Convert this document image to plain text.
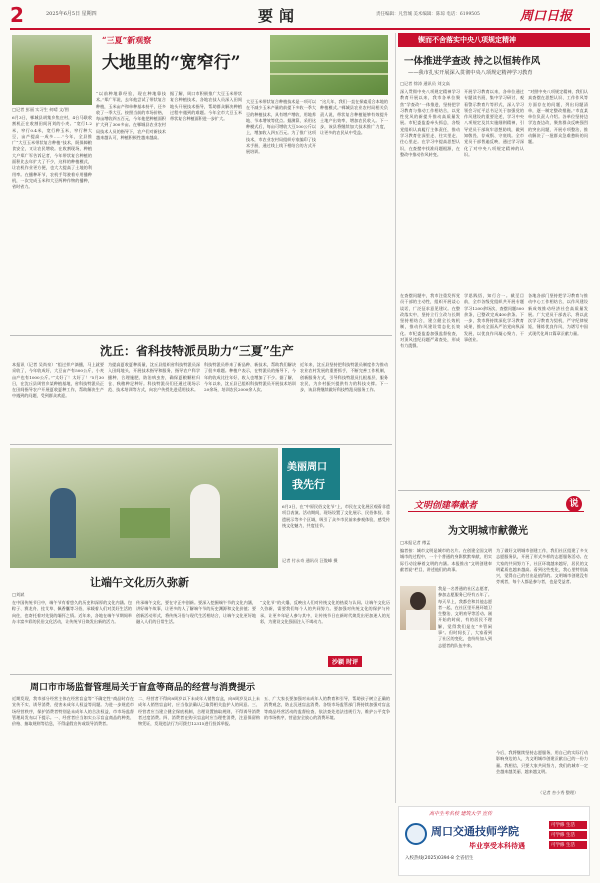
2	2025年6月5日 星期四	要闻	责任编辑：凡营城 美术编辑：陈琼 电话：6199505	周口日报
“三夏”新观察
大地里的“宽窄行”
□记者 彭丽 实习生 何晴 文/图
6月3日，郸城县胡集乡焦庄村，4台马联收割机正在收割田间河刘的小麦。“宽行1.2米，窄行0.4米，宽行种玉米，窄行种大豆，亩产提高一成多……”今年，全县推广“大豆玉米带状复合种植”技术，既保障粮食安全，又让农民增收。在收割现场，种植大户郑广军告诉记者，今年带状复合种植的面积比去年扩大了不少，这样的种植模式，让农机作业更方便，也大大提高了土地的利用率。在播种环节，农机手驾驶着专用播种机，一次完成玉米和大豆两种作物的播种，省时省力。
“以前种地靠经验，现在种地靠技术。”郑广军说，去年他尝试了带状复合种植，玉米亩产和单种基本持平，还多收了一季大豆。按照当前的市场价格，每亩增收四五百元，今年他把种植面积扩大到了300多亩。在郸城县农业农村局技术人员的指导下，农户们对新技术越来越认可，种植积极性越来越高。
据了解，周口市积极推广大豆玉米带状复合种植技术，各地农技人员深入田间地头开展技术指导，帮助群众解决种植过程中遇到的难题。今年全市大豆玉米带状复合种植面积进一步扩大。
大豆玉米带状复合种植技术是一项可以在不减少玉米产量的前提下多收一季大豆的种植技术，具有增产增收、用地养地、节本增效等优点。据测算，采用这种模式后，每亩可增收大豆100公斤以上，增加收入四五百元。为了推广这项技术，市农业农村局组织专家编印了技术手册，通过线上线下相结合的方式开展培训。
“这几年，我们一直在探索适合本地的种植模式。”郸城县农业农村局相关负责人说，带状复合种植能够有效提升土地产出效率，增加农民收入。下一步，该县将继续加大技术推广力度，让更多的农民从中受益。
沈丘：省科技特派员助力“三夏”生产
本报讯（记者 吴尚泉）“组过拌产滴播，马上就要采收了，今年收成好，大豆亩产有500公斤，小麦亩产也有1000公斤。”“太好了！太好了！”5月30日，在沈丘县周营乡某种植基地，省科技特派员正在田间指导农户开展夏收夏种工作，帮助解决生产中遇到的问题，受到群众欢迎。
为提高夏收夏种质量，沈丘县组织省科技特派员深入田间地头，开展技术指导和服务，指导农户科学播种、合理施肥、防治病虫害，确保夏粮颗粒归仓、秋粮种足种好。科技特派员们还通过现场示范、技术培训等方式，向农户传授先进适用技术。
科技特派员带来了新品种、新技术，帮助我们解决了很多难题。种植户表示，在特派员的指导下，今年的收成比往年好，收入也增加了不少。据了解，今年以来，沈丘县已组织科技特派员开展技术培训20余场，培训农民2000余人次。
近年来，沈丘县坚持把科技特派员制度作为推动农业农村发展的重要抓手，不断完善工作机制，创新服务方式，引导科技特派员扎根基层、服务农民，为乡村振兴提供有力的科技支撑。下一步，该县将继续做好科技特派员服务工作。
美丽周口
我先行
6月3日，在“中原民俗文化节”上，市民在文化展区观看非遗项目表演。活动期间，现场设置了文化展示、民俗体验、非遗展示等多个区域，吸引了众多市民前来参观体验，感受传统文化魅力，共度佳节。
记者 付永奇 通讯员 汪俊峰 摄
让端午文化历久弥新
□刘斌
在中国传统节日中，端午节有着悠久的历史和深厚的文化内涵。包粽子、赛龙舟、挂艾草、佩香囊等习俗，承载着人们对美好生活的向往，也寄托着对先贤的缅怀之情。近年来，各地在端午节期间举办丰富多彩的民俗文化活动，让传统节日焕发出新的活力。
传承端午文化，要在守正中创新。要深入挖掘端午节的文化内涵，讲好端午故事，让更多的人了解端午节的历史渊源和文化价值；要创新活动形式，将传统习俗与现代生活相结合，让端午文化更好地融入人们的日常生活。
“文化节”的火爆，反映出人们对传统文化的热爱与认同。让端午文化历久弥新，需要我们每个人的共同努力。要加强对传统文化的保护与传承，让更多年轻人参与其中，让传统节日在新时代焕发出更加迷人的光彩，为建设文化强国注入不竭动力。
沙颖 时评
周口市市场监督管理局关于盲盒等商品的经营与消费提示
近期发现，我市部分经营主体在经营盲盒等“不确定性”商品时存在宣传不实、诱导消费、侵害未成年人权益等问题。为进一步规范市场经营秩序，保护消费者特别是未成年人的合法权益，市市场监督管理局发布以下提示。一、经营者应当如实公示盲盒商品的种类、价格、抽取规则等信息，不得虚假宣传或误导消费者。
二、经营者不得向8周岁以下未成年人销售盲盒，向8周岁及以上未成年人销售盲盒时，应当依法确认已取得相关监护人的同意。三、经营者应当建立健全保底机制，合理设置抽取规则，不得诱导消费者过度消费。四、消费者在购买盲盒时应当理性消费，注意保留购物凭证，发现违法行为可拨打12315进行投诉举报。
五、广大家长要加强对未成年人的教育和引导，帮助孩子树立正确的消费观念，防止沉迷盲盒消费。各级市场监管部门将持续加强对盲盒等商品经营活动的监督检查，依法查处违法违规行为，维护公平竞争的市场秩序，营造安全放心的消费环境。
锲而不舍落实中央八项规定精神
一体推进学查改 持之以恒转作风
——我市扎实开展深入贯彻中央八项规定精神学习教育
□记者 徐涛 通讯员 刘文高
深入贯彻中央八项规定精神学习教育开展以来，我市各单位聚焦“学查改”一体推进，坚持把学习教育与推动工作相结合，以党性党风的新提升推动高质量发展。市纪委监委牵头抓总，各级党组织认真履行主体责任，推动学习教育往深里走、往实里走、往心里走。在学习中提高思想认识，在查摆中找准问题根源，在整改中推动作风转变。
开展学习教育以来，各单位通过专题读书班、集中学习研讨、观看警示教育片等形式，深入学习领会习近平总书记关于加强党的作风建设的重要论述，学习中央八项规定及其实施细则精神，引导党员干部筑牢思想防线，做到知敬畏、存戒惧、守底线。全市党员干部普遍反映，通过学习深化了对中央八项规定精神的认识。
“对照中央八项规定精神，我们认真查摆在思想认识、工作作风等方面存在的问题，列出问题清单，逐一制定整改措施。”市直某单位负责人介绍。各单位坚持边学边查边改，聚焦群众反映强烈的突出问题，开展专项整治，推动解决了一批群众急难愁盼的问题。
在查摆问题中，我市注重发挥党员干部的主动性，组织开展谈心谈话，广泛征求意见建议。在整改落实中，坚持立行立改与长期坚持相结合，建立健全长效机制，推动作风建设常态化长效化。市纪委监委加强监督检查，对顶风违纪问题严肃查处，形成有力震慑。
学思践悟，知行合一。截至目前，全市各级党组织共开展专题学习1200余场次，查摆问题500余条，已整改完成400余条。下一步，我市将持续深化学习教育成果，推动全面从严治党向纵深发展，以优良作风凝心聚力、干事创业。
各地各部门坚持把学习教育与推动中心工作相结合，以作风建设新成效推动经济社会高质量发展。广大党员干部表示，将以此次学习教育为契机，严守纪律规矩，锤炼优良作风，为谱写中国式现代化周口篇章贡献力量。
文明创建奉献者	说
为文明城市献微光
□本报记者 傅孟
编者按：城市文明是城市的名片。在创建全国文明城市的过程中，一个个普通的身影默默奉献，用实际行动诠释着文明的内涵。本报推出“文明创建奉献者说”栏目，讲述他们的故事。
我是一名普通的社区志愿者，参加志愿服务已经有五年了。每天早上，我都会和其他志愿者一起，在社区里开展环境卫生整治、文明劝导等活动。刚开始的时候，有的居民不理解，觉得我们是在“多管闲事”。但时间长了，大家看到了社区的变化，也纷纷加入到志愿者的队伍中来。
为了做好文明城市创建工作，我们社区组建了多支志愿服务队，开展了形式多样的志愿服务活动。在大家的共同努力下，社区环境越来越好，居民的文明素质也越来越高。看到这些变化，我心里特别高兴，觉得自己的付出是值得的。文明城市创建没有旁观者，每个人都是参与者，也是受益者。
今后，我将继续坚持志愿服务，用自己的实际行动影响身边的人，为文明城市创建贡献自己的一份力量。我相信，只要大家共同努力，我们的城市一定会越来越美丽、越来越文明。
（记者 杏小秀 整理）
高中生考名校 建筑大学 宣传
周口交通技师学院
毕业享受本科待遇
可学修 生活
可学修 生活
可学修 生活
入校热线(2025)0394-8 全省招生
